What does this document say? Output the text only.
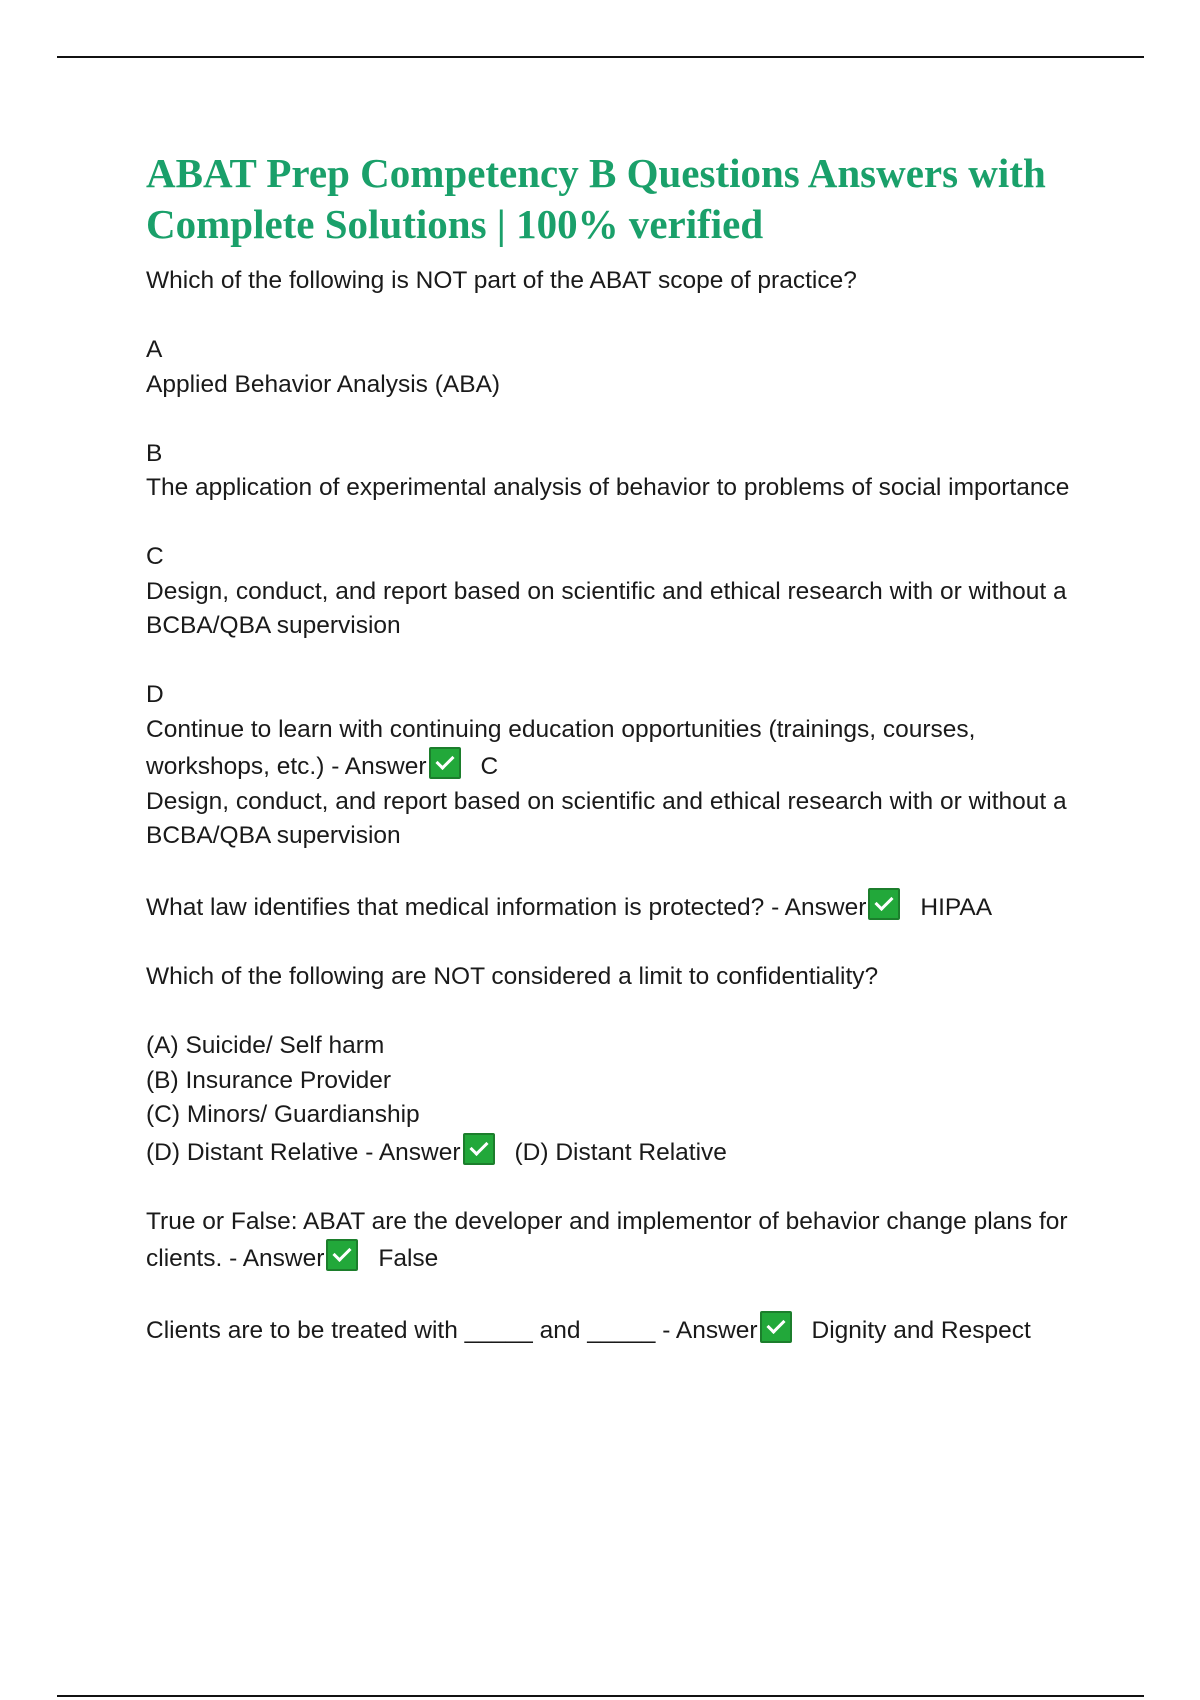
ABAT Prep Competency B Questions Answers with Complete Solutions | 100% verified

Which of the following is NOT part of the ABAT scope of practice?

A

Applied Behavior Analysis (ABA)

B

The application of experimental analysis of behavior to problems of social importance

C

Design, conduct, and report based on scientific and ethical research with or without a BCBA/QBA supervision

D

Continue to learn with continuing education opportunities (trainings, courses, workshops, etc.) - Answer C

Design, conduct, and report based on scientific and ethical research with or without a BCBA/QBA supervision

What law identifies that medical information is protected? - Answer HIPAA

Which of the following are NOT considered a limit to confidentiality?

(A) Suicide/ Self harm

(B) Insurance Provider

(C) Minors/ Guardianship

(D) Distant Relative - Answer (D) Distant Relative

True or False: ABAT are the developer and implementor of behavior change plans for clients. - Answer False

Clients are to be treated with _____ and _____ - Answer Dignity and Respect
